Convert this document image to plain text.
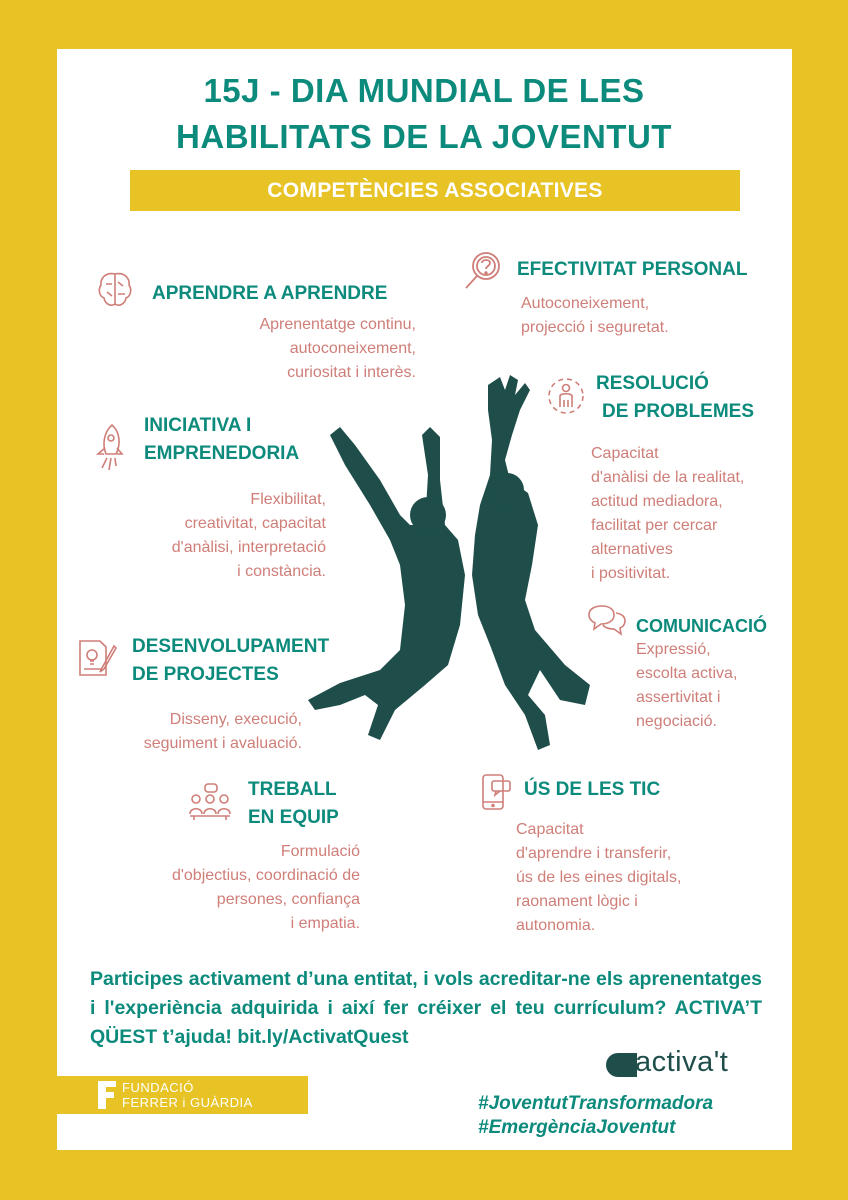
15J - DIA MUNDIAL DE LES
HABILITATS DE LA JOVENTUT
COMPETÈNCIES ASSOCIATIVES
APRENDRE A APRENDRE
Aprenentatge continu,
autoconeixement,
curiositat i interès.
EFECTIVITAT PERSONAL
Autoconeixement,
projecció i seguretat.
RESOLUCIÓ
DE PROBLEMES
Capacitat
d'anàlisi de la realitat,
actitud mediadora,
facilitat per cercar
alternatives
i positivitat.
INICIATIVA I
EMPRENEDORIA
Flexibilitat,
creativitat, capacitat
d'anàlisi, interpretació
i constància.
COMUNICACIÓ
Expressió,
escolta activa,
assertivitat i
negociació.
DESENVOLUPAMENT
DE PROJECTES
Disseny, execució,
seguiment i avaluació.
TREBALL
EN EQUIP
Formulació
d'objectius, coordinació de
persones, confiança
i empatia.
ÚS DE LES TIC
Capacitat
d'aprendre i transferir,
ús de les eines digitals,
raonament lògic i
autonomia.
Participes activament d’una entitat, i vols acreditar-ne els aprenentatges i l'experiència adquirida i així fer créixer el teu currículum? ACTIVA’T QÜEST t’ajuda! bit.ly/ActivatQuest
activa't
FUNDACIÓ
FERRER i GUÀRDIA	#JoventutTransformadora
#EmergènciaJoventut
